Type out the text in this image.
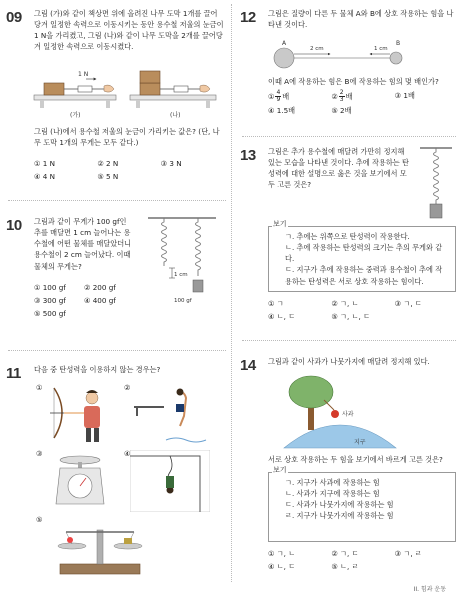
09 그림 (가)와 같이 책상면 위에 올려진 나무 도막 1개를 끌어당겨 일정한 속력으로 이동시키는 동안 용수철 저울의 눈금이 1 N을 가리켰고, 그림 (나)와 같이 나무 도막을 2개를 끌어당겨 일정한 속력으로 이동시켰다.
1 N
(가)	(나)
그림 (나)에서 용수철 저울의 눈금이 가리키는 값은? (단, 나무 도막 1개의 무게는 모두 같다.)
① 1 N	② 2 N	③ 3 N
④ 4 N	⑤ 5 N
10 그림과 같이 무게가 100 gf인 추를 매달면 1 cm 늘어나는 용수철에 어떤 물체를 매달았더니 용수철이 2 cm 늘어났다. 이때 물체의 무게는?
① 100 gf	② 200 gf
③ 300 gf	④ 400 gf
⑤ 500 gf
1 cm
100 gf
11 다음 중 탄성력을 이용하지 않는 경우는?
①	②
③	④
⑤
12 그림은 질량이 다른 두 물체 A와 B에 상호 작용하는 힘을 나타낸 것이다.
A	B
2 cm	1 cm
이때 A에 작용하는 힘은 B에 작용하는 힘의 몇 배인가?
① $\frac{4}{9}$ 배	② $\frac{2}{3}$ 배	③ 1배
④ 1.5배	⑤ 2배
13 그림은 추가 용수철에 매달려 가만히 정지해 있는 모습을 나타낸 것이다. 추에 작용하는 탄성력에 대한 설명으로 옳은 것을 보기에서 모두 고른 것은?
보기
ㄱ. 추에는 위쪽으로 탄성력이 작용한다.
ㄴ. 추에 작용하는 탄성력의 크기는 추의 무게와 같다.
ㄷ. 지구가 추에 작용하는 중력과 용수철이 추에 작용하는 탄성력은 서로 상호 작용하는 힘이다.
① ㄱ	② ㄱ, ㄴ	③ ㄱ, ㄷ
④ ㄴ, ㄷ	⑤ ㄱ, ㄴ, ㄷ
14 그림과 같이 사과가 나뭇가지에 매달려 정지해 있다.
사과
지구
서로 상호 작용하는 두 힘을 보기에서 바르게 고른 것은?
보기
ㄱ. 지구가 사과에 작용하는 힘
ㄴ. 사과가 지구에 작용하는 힘
ㄷ. 사과가 나뭇가지에 작용하는 힘
ㄹ. 지구가 나뭇가지에 작용하는 힘
① ㄱ, ㄴ	② ㄱ, ㄷ	③ ㄱ, ㄹ
④ ㄴ, ㄷ	⑤ ㄴ, ㄹ
II. 힘과 운동
